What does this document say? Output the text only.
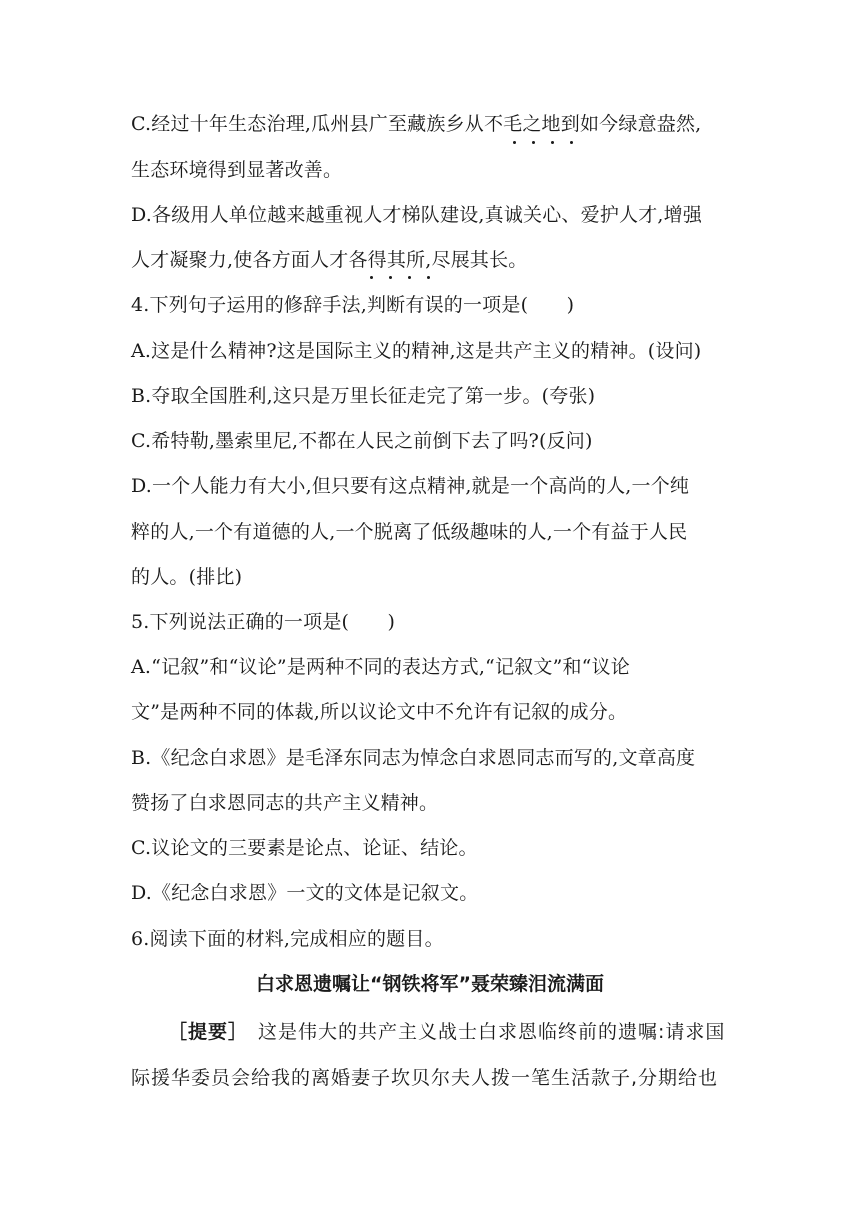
C.经过十年生态治理,瓜州县广至藏族乡从不毛之地到如今绿意盎然,
生态环境得到显著改善。
D.各级用人单位越来越重视人才梯队建设,真诚关心、爱护人才,增强
人才凝聚力,使各方面人才各得其所,尽展其长。
4.下列句子运用的修辞手法,判断有误的一项是(　　)
A.这是什么精神?这是国际主义的精神,这是共产主义的精神。(设问)
B.夺取全国胜利,这只是万里长征走完了第一步。(夸张)
C.希特勒,墨索里尼,不都在人民之前倒下去了吗?(反问)
D.一个人能力有大小,但只要有这点精神,就是一个高尚的人,一个纯
粹的人,一个有道德的人,一个脱离了低级趣味的人,一个有益于人民
的人。(排比)
5.下列说法正确的一项是(　　)
A.“记叙”和“议论”是两种不同的表达方式,“记叙文”和“议论
文”是两种不同的体裁,所以议论文中不允许有记叙的成分。
B.《纪念白求恩》是毛泽东同志为悼念白求恩同志而写的,文章高度
赞扬了白求恩同志的共产主义精神。
C.议论文的三要素是论点、论证、结论。
D.《纪念白求恩》一文的文体是记叙文。
6.阅读下面的材料,完成相应的题目。
白求恩遗嘱让“钢铁将军”聂荣臻泪流满面
［提要］ 这是伟大的共产主义战士白求恩临终前的遗嘱:请求国
际援华委员会给我的离婚妻子坎贝尔夫人拨一笔生活款子,分期给也
